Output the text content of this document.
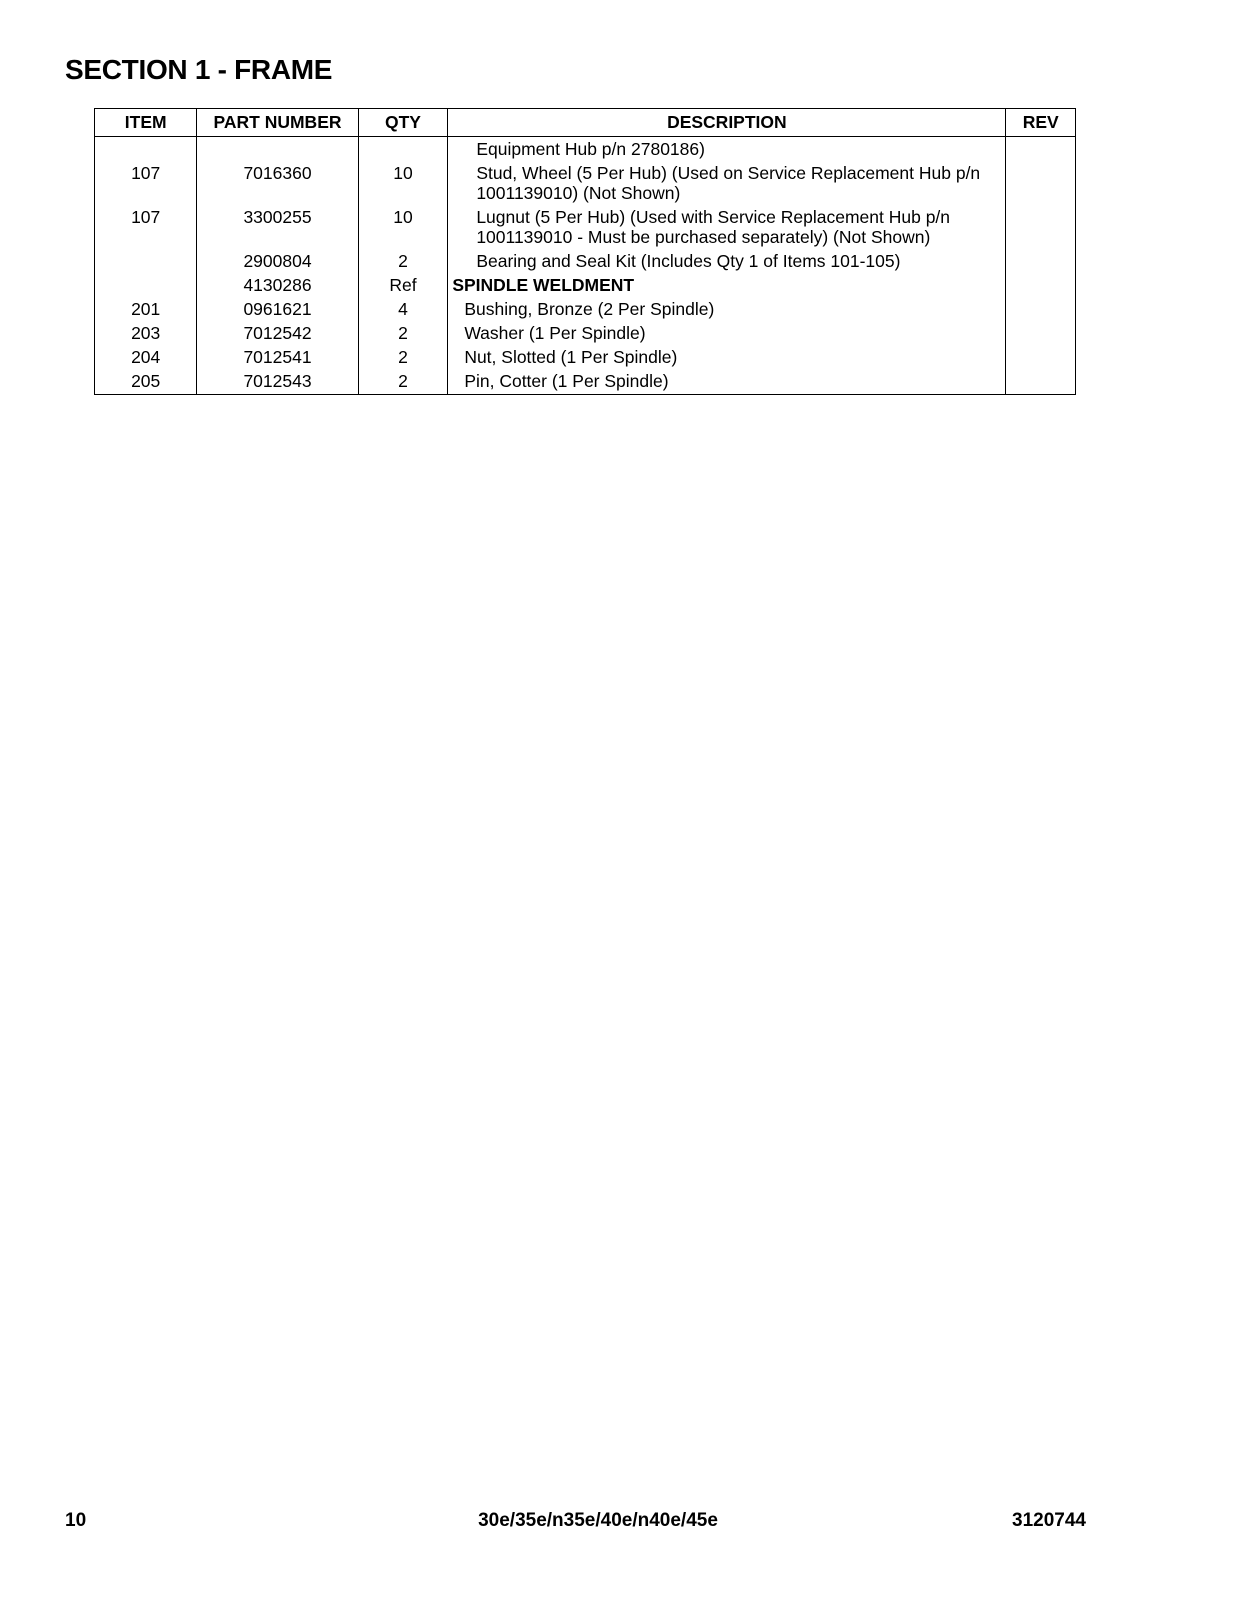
SECTION 1 - FRAME
ITEM	PART NUMBER	QTY	DESCRIPTION	REV
			Equipment Hub p/n 2780186)	
107	7016360	10	Stud, Wheel (5 Per Hub) (Used on Service Replacement Hub p/n 1001139010) (Not Shown)	
107	3300255	10	Lugnut (5 Per Hub) (Used with Service Replacement Hub p/n 1001139010 - Must be purchased separately) (Not Shown)	
	2900804	2	Bearing and Seal Kit (Includes Qty 1 of Items 101-105)	
	4130286	Ref	SPINDLE WELDMENT	
201	0961621	4	Bushing, Bronze (2 Per Spindle)	
203	7012542	2	Washer (1 Per Spindle)	
204	7012541	2	Nut, Slotted (1 Per Spindle)	
205	7012543	2	Pin, Cotter (1 Per Spindle)	
10	30e/35e/n35e/40e/n40e/45e	3120744
